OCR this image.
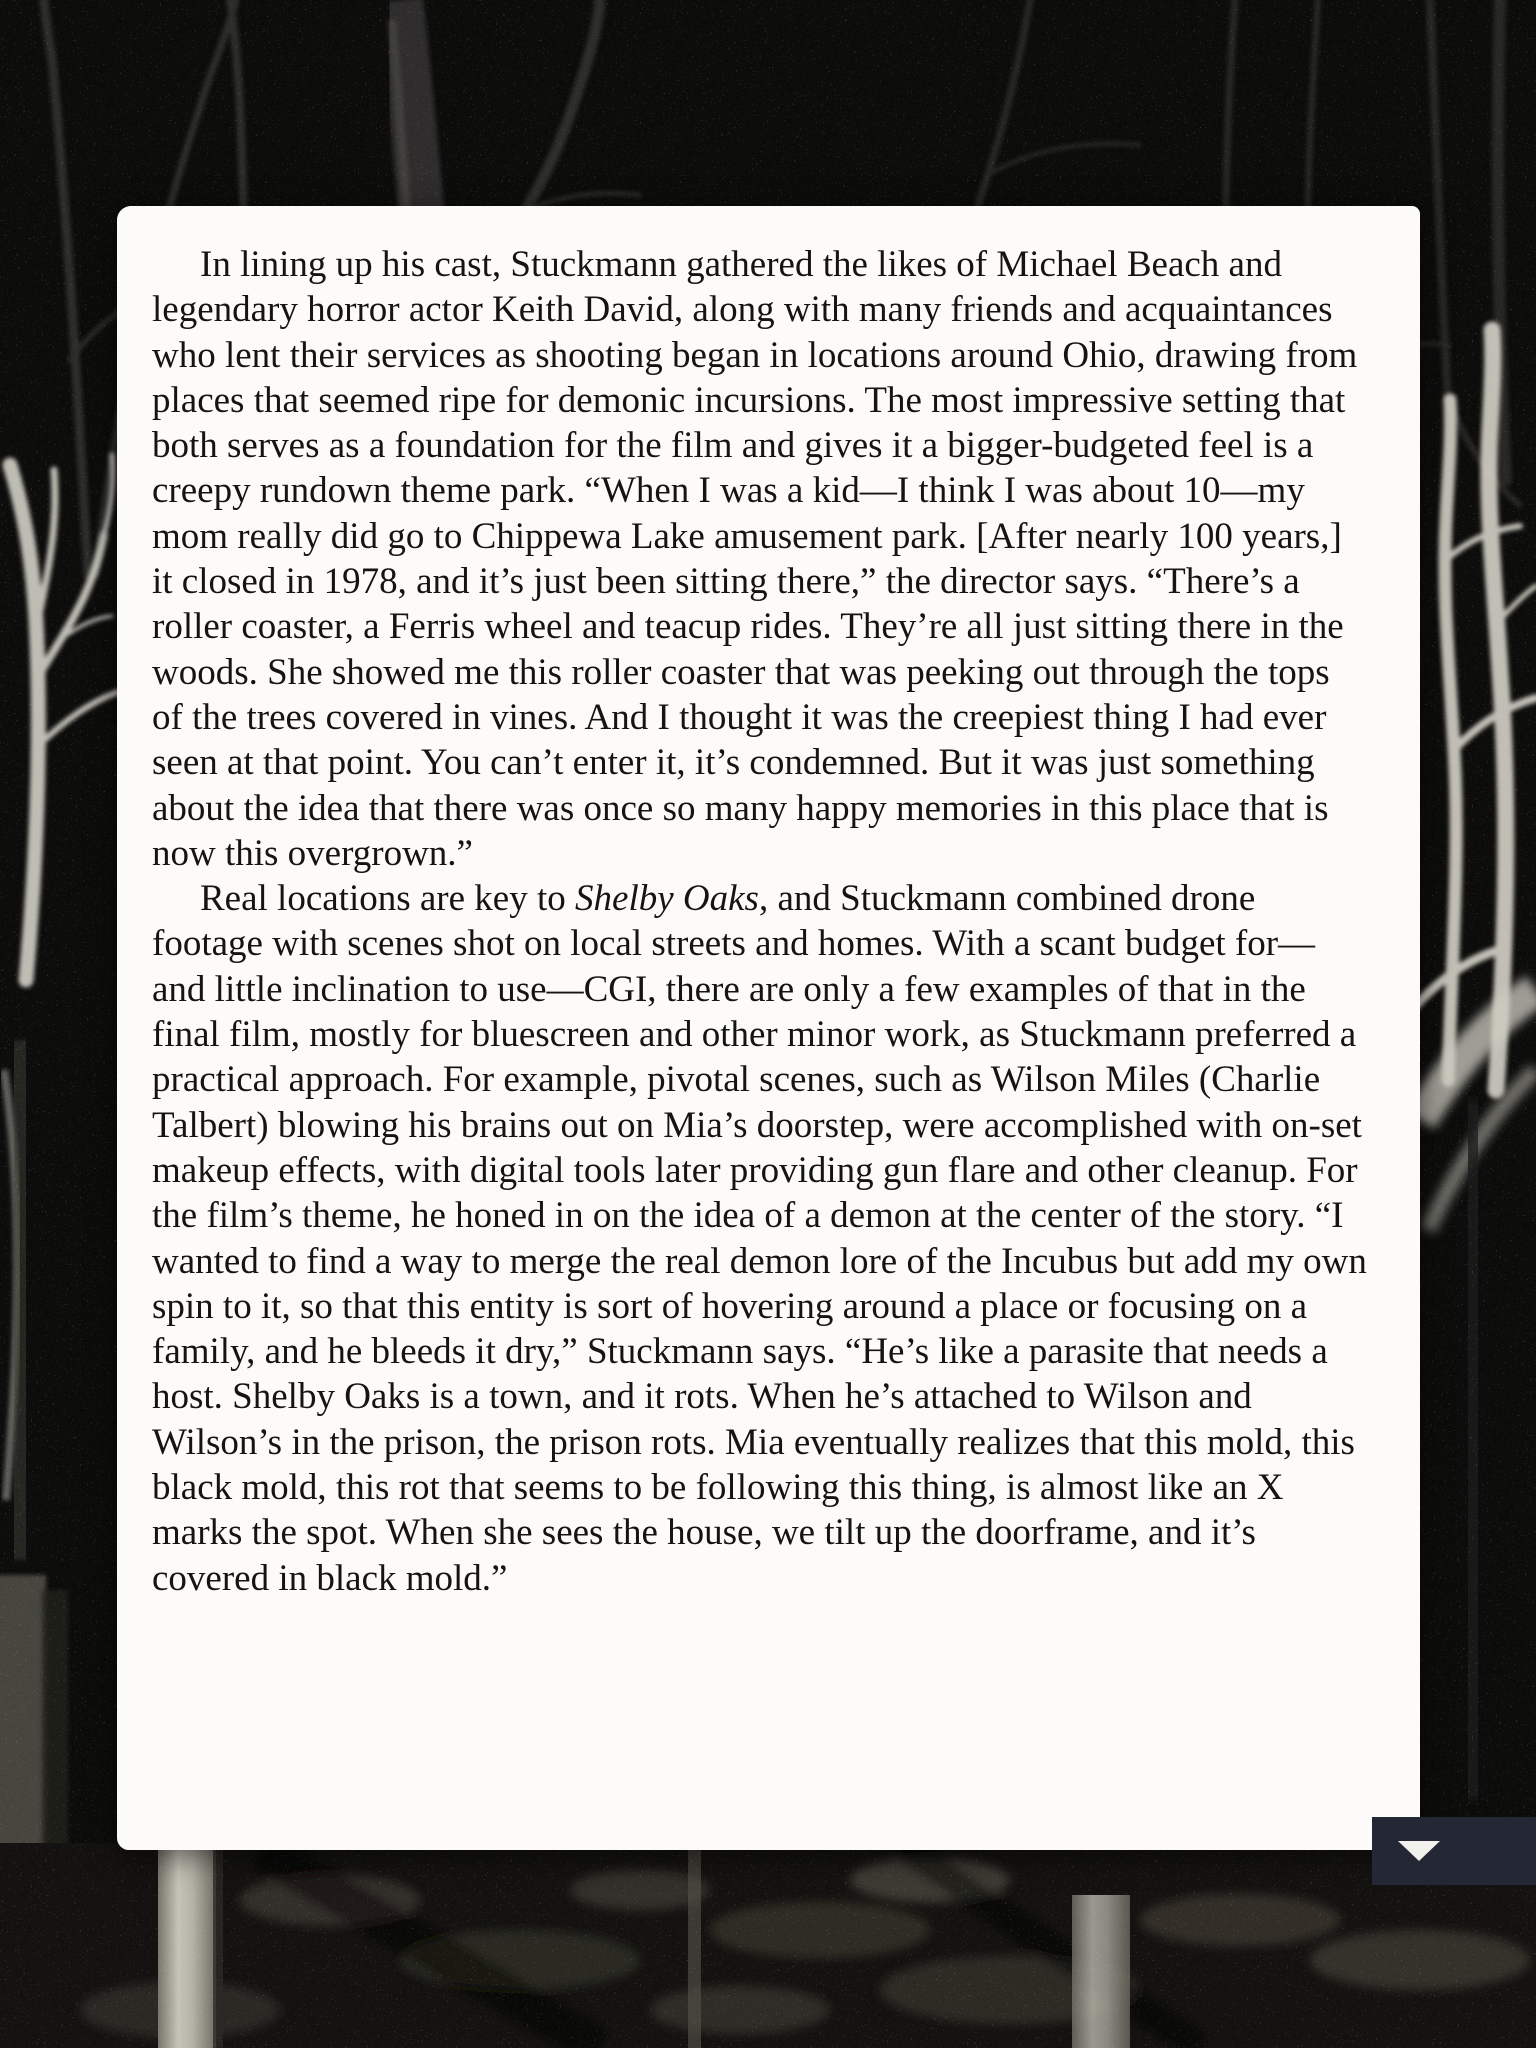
In lining up his cast, Stuckmann gathered the likes of Michael Beach and legendary horror actor Keith David, along with many friends and acquaintances who lent their services as shooting began in locations around Ohio, drawing from places that seemed ripe for demonic incursions. The most impressive setting that both serves as a foundation for the film and gives it a bigger-budgeted feel is a creepy rundown theme park. “When I was a kid—I think I was about 10—my mom really did go to Chippewa Lake amusement park. [After nearly 100 years,] it closed in 1978, and it’s just been sitting there,” the director says. “There’s a roller coaster, a Ferris wheel and teacup rides. They’re all just sitting there in the woods. She showed me this roller coaster that was peeking out through the tops of the trees covered in vines. And I thought it was the creepiest thing I had ever seen at that point. You can’t enter it, it’s condemned. But it was just something about the idea that there was once so many happy memories in this place that is now this overgrown.”

Real locations are key to Shelby Oaks, and Stuckmann combined drone footage with scenes shot on local streets and homes. With a scant budget for—and little inclination to use—CGI, there are only a few examples of that in the final film, mostly for bluescreen and other minor work, as Stuckmann preferred a practical approach. For example, pivotal scenes, such as Wilson Miles (Charlie Talbert) blowing his brains out on Mia’s doorstep, were accomplished with on-set makeup effects, with digital tools later providing gun flare and other cleanup. For the film’s theme, he honed in on the idea of a demon at the center of the story. “I wanted to find a way to merge the real demon lore of the Incubus but add my own spin to it, so that this entity is sort of hovering around a place or focusing on a family, and he bleeds it dry,” Stuckmann says. “He’s like a parasite that needs a host. Shelby Oaks is a town, and it rots. When he’s attached to Wilson and Wilson’s in the prison, the prison rots. Mia eventually realizes that this mold, this black mold, this rot that seems to be following this thing, is almost like an X marks the spot. When she sees the house, we tilt up the doorframe, and it’s covered in black mold.”
